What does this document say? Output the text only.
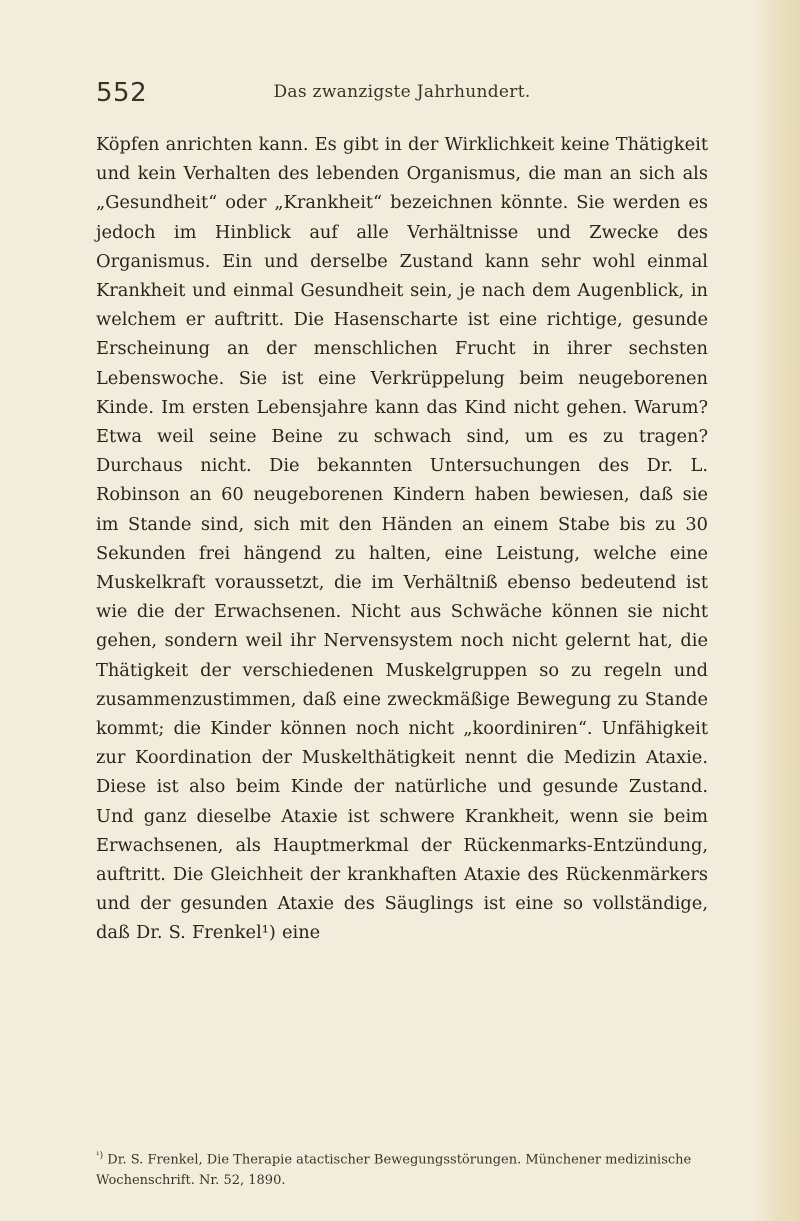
552	Das zwanzigste Jahrhundert.

Köpfen anrichten kann. Es gibt in der Wirklichkeit keine Thätigkeit und kein Verhalten des lebenden Organismus, die man an sich als „Gesundheit“ oder „Krankheit“ bezeichnen könnte. Sie werden es jedoch im Hinblick auf alle Verhältnisse und Zwecke des Organismus. Ein und derselbe Zustand kann sehr wohl einmal Krankheit und einmal Gesundheit sein, je nach dem Augenblick, in welchem er auftritt. Die Hasenscharte ist eine richtige, gesunde Erscheinung an der menschlichen Frucht in ihrer sechsten Lebenswoche. Sie ist eine Verkrüppelung beim neugeborenen Kinde. Im ersten Lebensjahre kann das Kind nicht gehen. Warum? Etwa weil seine Beine zu schwach sind, um es zu tragen? Durchaus nicht. Die bekannten Untersuchungen des Dr. L. Robinson an 60 neugeborenen Kindern haben bewiesen, daß sie im Stande sind, sich mit den Händen an einem Stabe bis zu 30 Sekunden frei hängend zu halten, eine Leistung, welche eine Muskelkraft voraussetzt, die im Verhältniß ebenso bedeutend ist wie die der Erwachsenen. Nicht aus Schwäche können sie nicht gehen, sondern weil ihr Nervensystem noch nicht gelernt hat, die Thätigkeit der verschiedenen Muskelgruppen so zu regeln und zusammenzustimmen, daß eine zweckmäßige Bewegung zu Stande kommt; die Kinder können noch nicht „koordiniren“. Unfähigkeit zur Koordination der Muskelthätigkeit nennt die Medizin Ataxie. Diese ist also beim Kinde der natürliche und gesunde Zustand. Und ganz dieselbe Ataxie ist schwere Krankheit, wenn sie beim Erwachsenen, als Hauptmerkmal der Rückenmarks-Entzündung, auftritt. Die Gleichheit der krankhaften Ataxie des Rückenmärkers und der gesunden Ataxie des Säuglings ist eine so vollständige, daß Dr. S. Frenkel¹) eine

$^{^1)}$ Dr. S. Frenkel, Die Therapie atactischer Bewegungsstörungen. Münchener medizinische Wochenschrift. Nr. 52, 1890.
